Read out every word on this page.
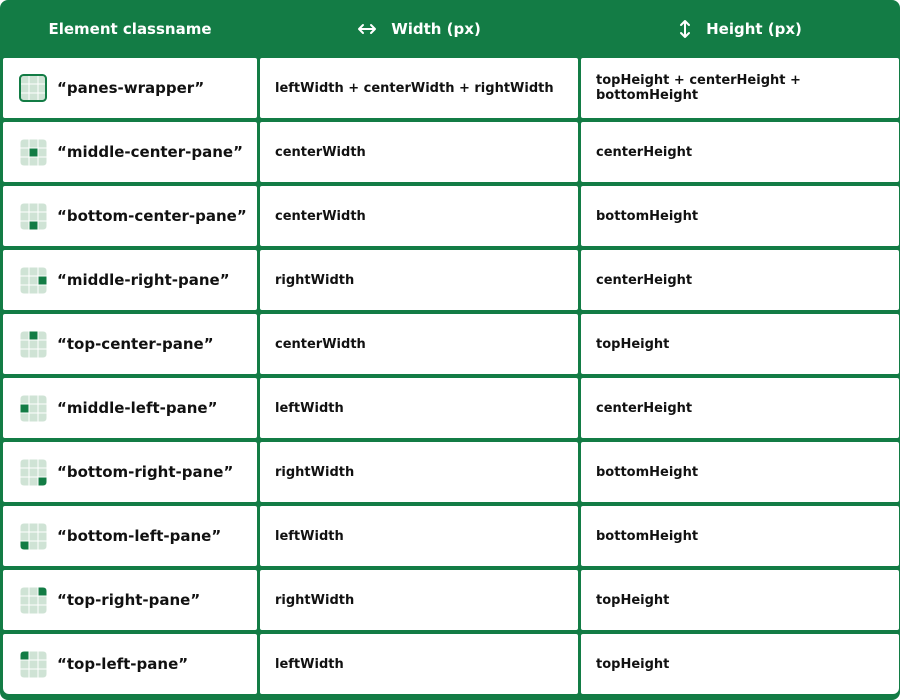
Element classname	Width (px)	Height (px)
“panes-wrapper”	leftWidth + centerWidth + rightWidth	topHeight + centerHeight + bottomHeight
“middle-center-pane” centerWidth	centerHeight
“bottom-center-pane” centerWidth	bottomHeight
“middle-right-pane”	rightWidth	centerHeight
“top-center-pane”	centerWidth	topHeight
“middle-left-pane”	leftWidth	centerHeight
“bottom-right-pane”	rightWidth	bottomHeight
“bottom-left-pane”	leftWidth	bottomHeight
“top-right-pane”	rightWidth	topHeight
“top-left-pane”	leftWidth	topHeight
